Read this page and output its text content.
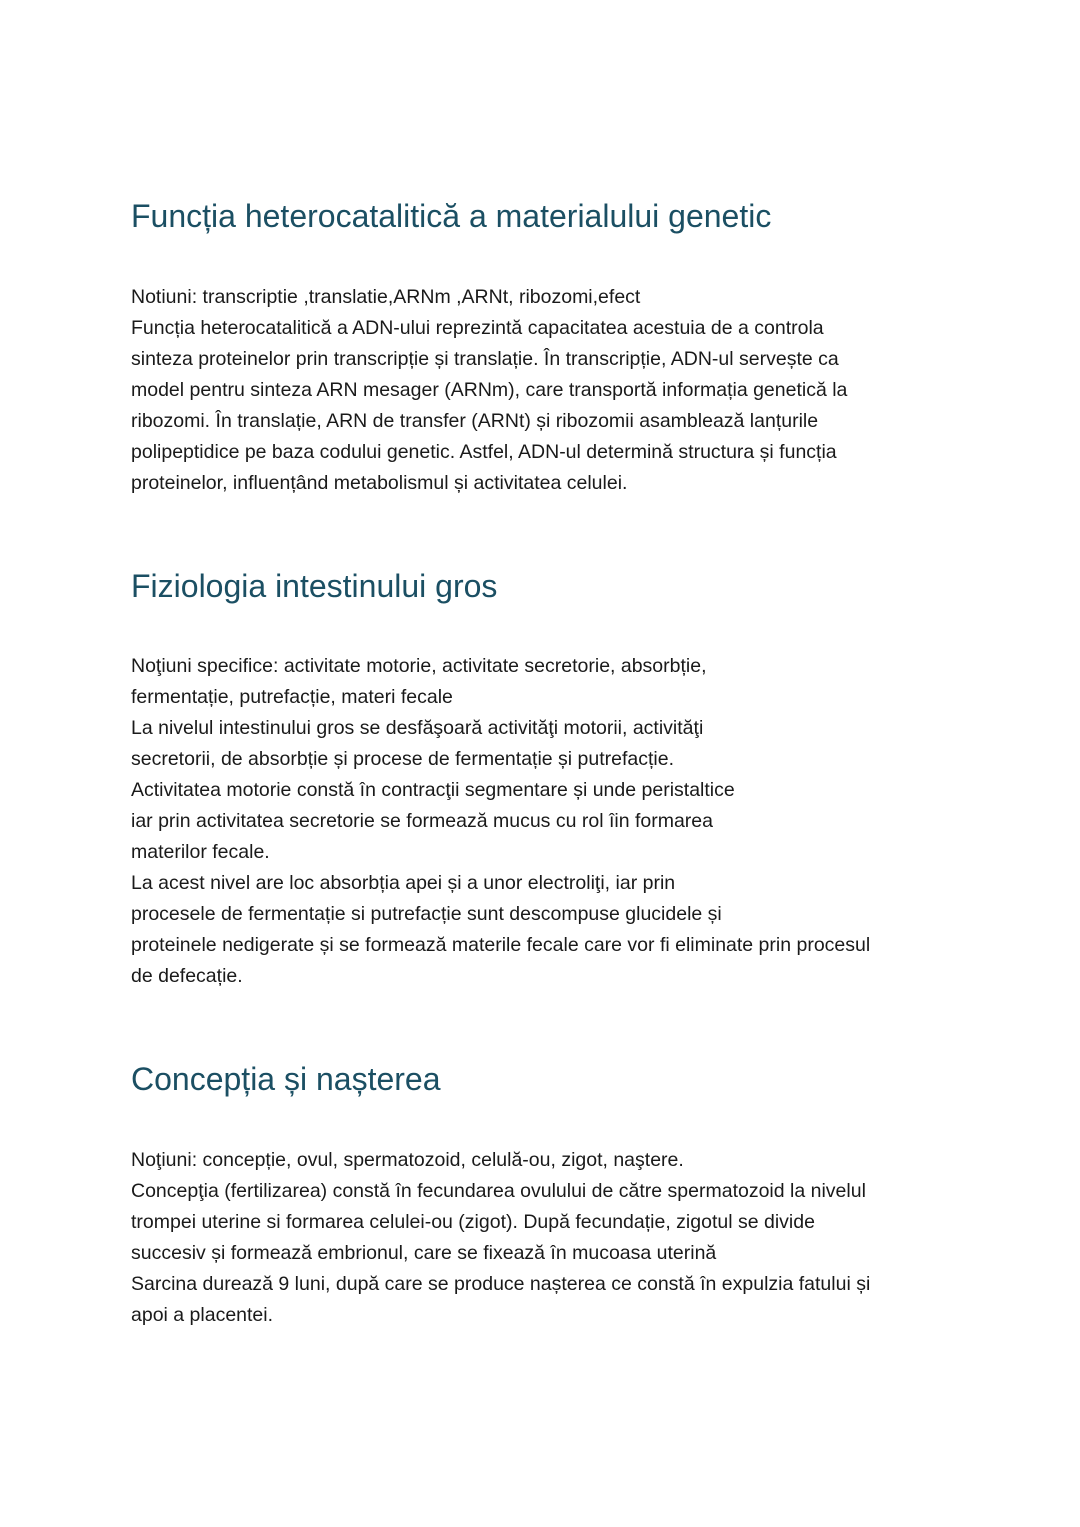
Funcția heterocatalitică a materialului genetic
Notiuni: transcriptie ,translatie,ARNm ,ARNt, ribozomi,efect
Funcția heterocatalitică a ADN-ului reprezintă capacitatea acestuia de a controla
sinteza proteinelor prin transcripție și translație. În transcripție, ADN-ul servește ca
model pentru sinteza ARN mesager (ARNm), care transportă informația genetică la
ribozomi. În translație, ARN de transfer (ARNt) și ribozomii asamblează lanțurile
polipeptidice pe baza codului genetic. Astfel, ADN-ul determină structura și funcția
proteinelor, influențând metabolismul și activitatea celulei.
Fiziologia intestinului gros
Noţiuni specifice: activitate motorie, activitate secretorie, absorbție,
fermentație, putrefacție, materi fecale
La nivelul intestinului gros se desfăşoară activităţi motorii, activităţi
secretorii, de absorbție și procese de fermentație și putrefacție.
Activitatea motorie constă în contracţii segmentare și unde peristaltice
iar prin activitatea secretorie se formează mucus cu rol îin formarea
materilor fecale.
La acest nivel are loc absorbția apei și a unor electroliţi, iar prin
procesele de fermentație si putrefacție sunt descompuse glucidele și
proteinele nedigerate și se formează materile fecale care vor fi eliminate prin procesul
de defecație.
Concepția și nașterea
Noţiuni: concepție, ovul, spermatozoid, celulă-ou, zigot, naştere.
Concepţia (fertilizarea) constă în fecundarea ovulului de către spermatozoid la nivelul
trompei uterine si formarea celulei-ou (zigot). După fecundație, zigotul se divide
succesiv și formează embrionul, care se fixează în mucoasa uterină
Sarcina durează 9 luni, după care se produce nașterea ce constă în expulzia fatului și
apoi a placentei.
